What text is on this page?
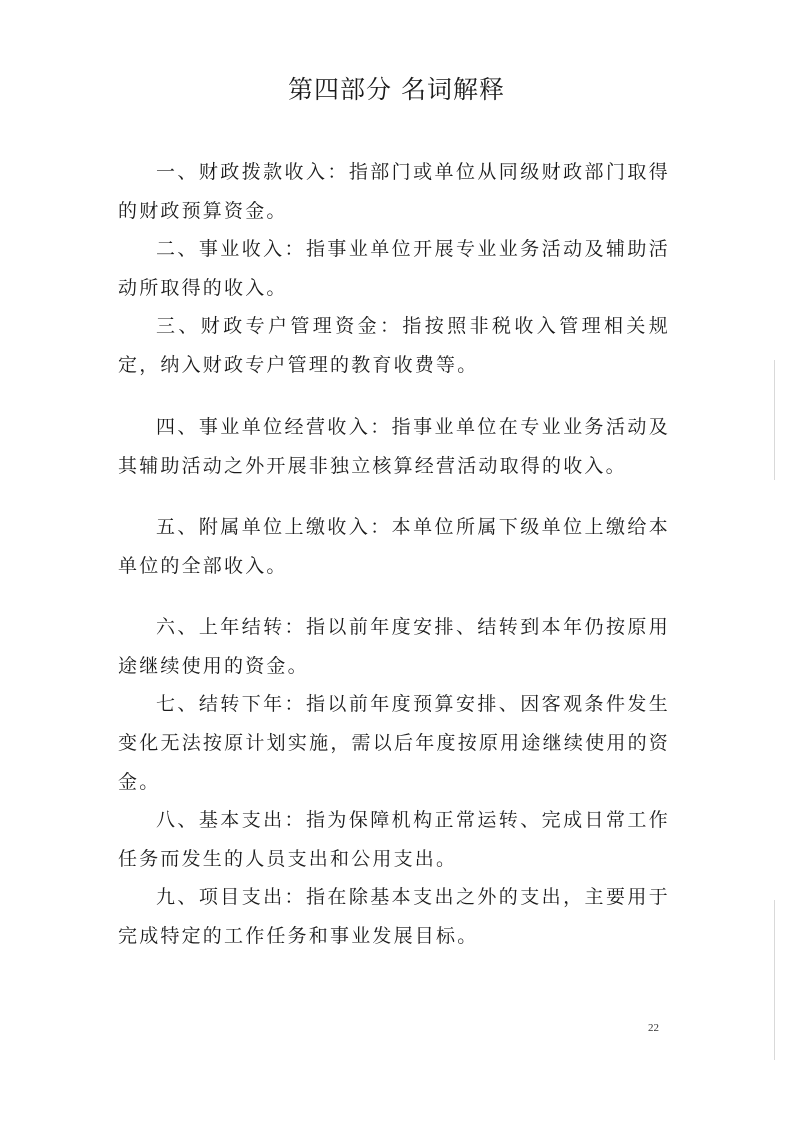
第四部分 名词解释

一、财政拨款收入：指部门或单位从同级财政部门取得的财政预算资金。

二、事业收入：指事业单位开展专业业务活动及辅助活动所取得的收入。

三、财政专户管理资金：指按照非税收入管理相关规定，纳入财政专户管理的教育收费等。

四、事业单位经营收入：指事业单位在专业业务活动及其辅助活动之外开展非独立核算经营活动取得的收入。

五、附属单位上缴收入：本单位所属下级单位上缴给本单位的全部收入。

六、上年结转：指以前年度安排、结转到本年仍按原用途继续使用的资金。

七、结转下年：指以前年度预算安排、因客观条件发生变化无法按原计划实施，需以后年度按原用途继续使用的资金。

八、基本支出：指为保障机构正常运转、完成日常工作任务而发生的人员支出和公用支出。

九、项目支出：指在除基本支出之外的支出，主要用于完成特定的工作任务和事业发展目标。

22
